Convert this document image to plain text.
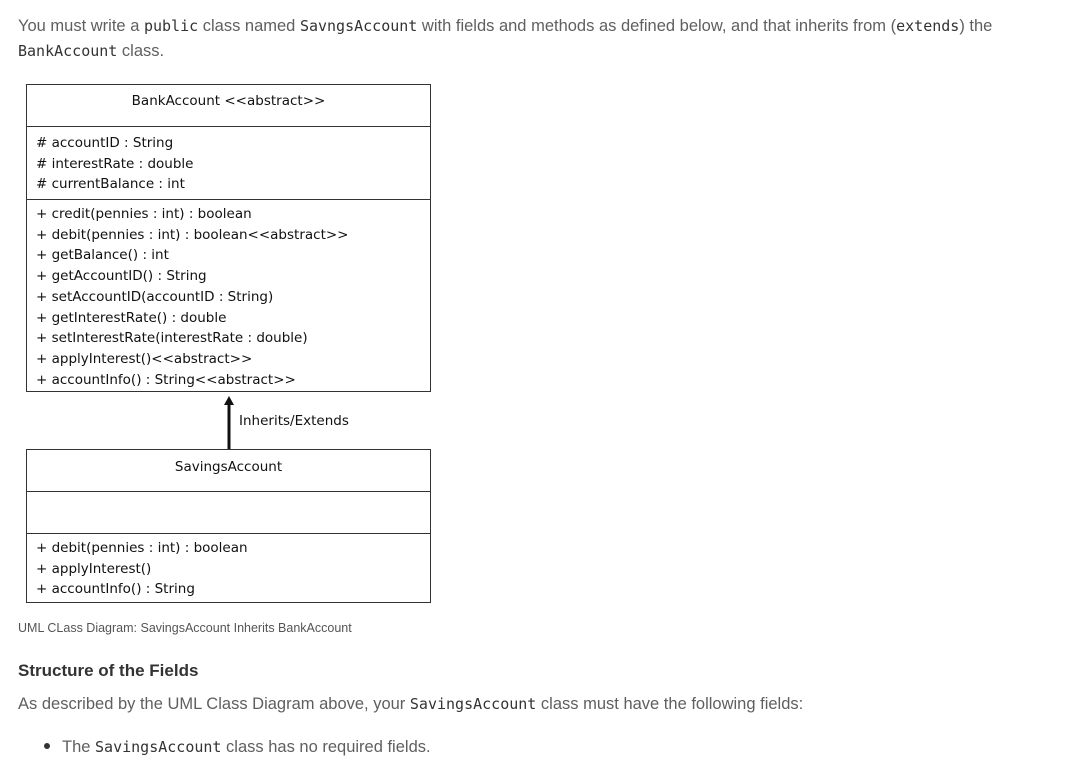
You must write a public class named SavngsAccount with fields and methods as defined below, and that inherits from (extends) the
BankAccount class.
BankAccount <<abstract>>
# accountID : String
# interestRate : double
# currentBalance : int
+ credit(pennies : int) : boolean
+ debit(pennies : int) : boolean<<abstract>>
+ getBalance() : int
+ getAccountID() : String
+ setAccountID(accountID : String)
+ getInterestRate() : double
+ setInterestRate(interestRate : double)
+ applyInterest()<<abstract>>
+ accountInfo() : String<<abstract>>
Inherits/Extends
SavingsAccount
+ debit(pennies : int) : boolean
+ applyInterest()
+ accountInfo() : String
UML CLass Diagram: SavingsAccount Inherits BankAccount
Structure of the Fields
As described by the UML Class Diagram above, your SavingsAccount class must have the following fields:
The SavingsAccount class has no required fields.
